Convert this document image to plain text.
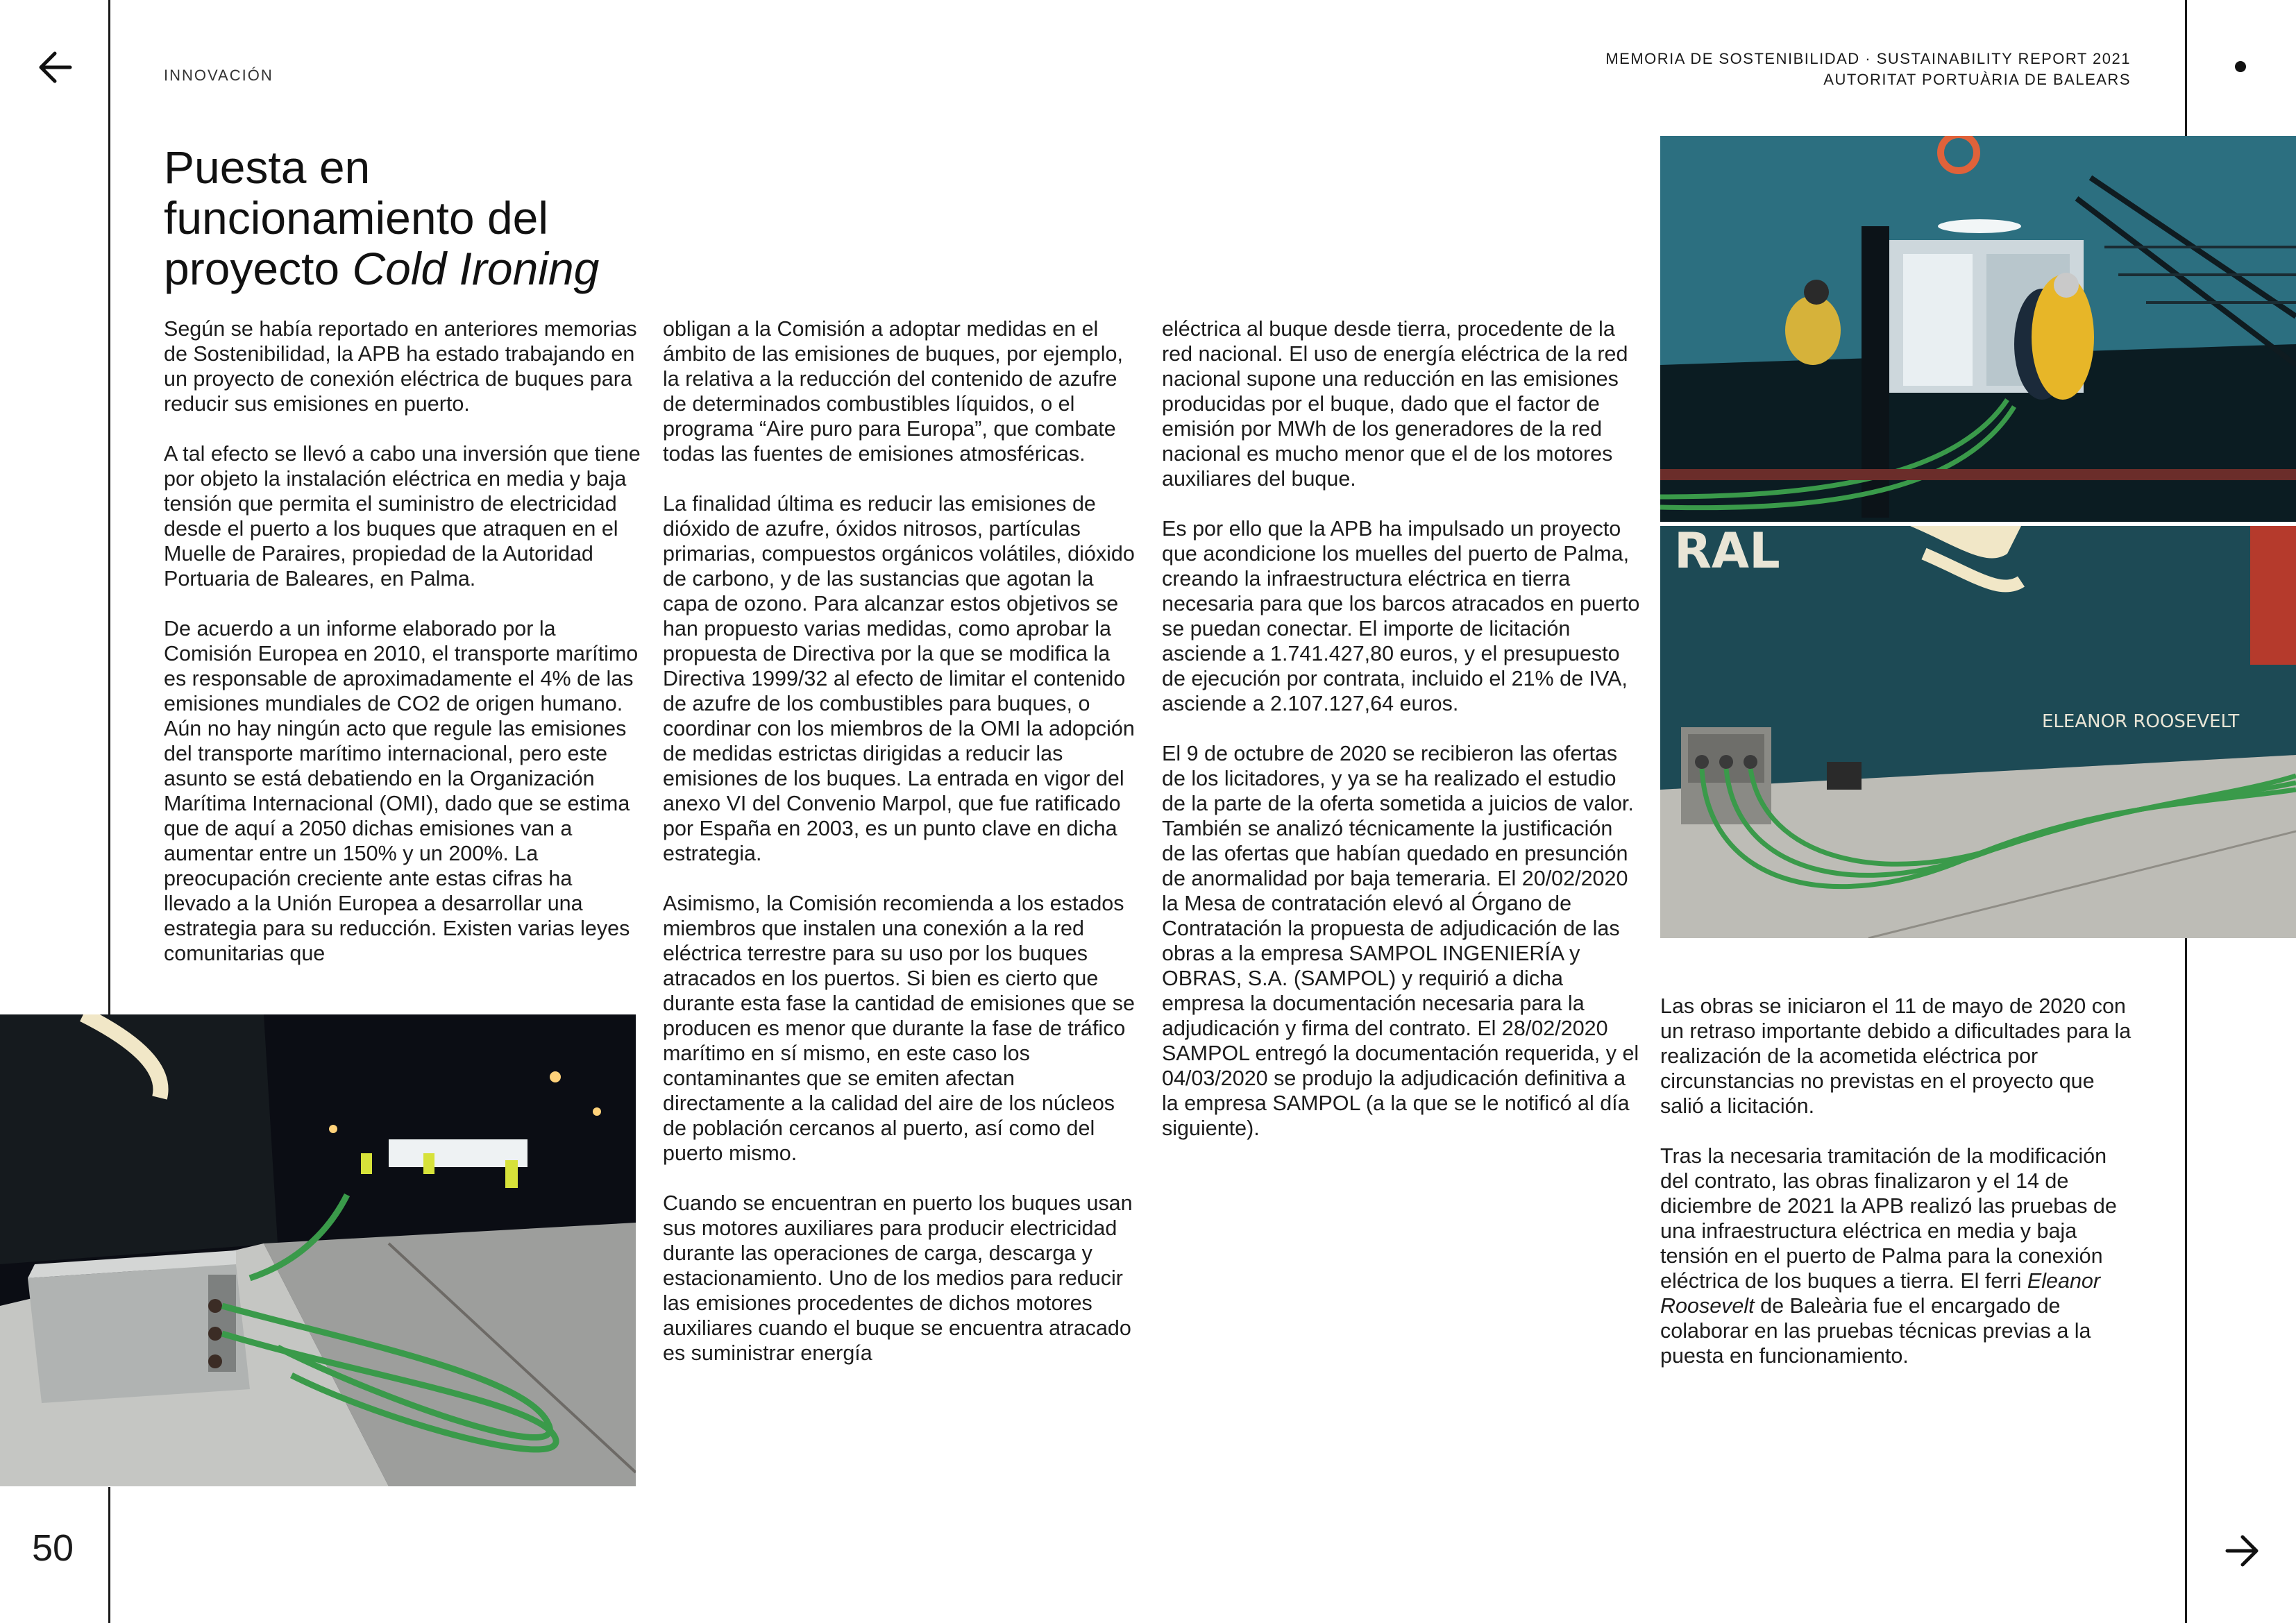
INNOVACIÓN
MEMORIA DE SOSTENIBILIDAD · SUSTAINABILITY REPORT 2021
AUTORITAT PORTUÀRIA DE BALEARS
50
Puesta en
funcionamiento del
proyecto Cold Ironing

Según se había reportado en anteriores memorias de Sostenibilidad, la APB ha estado trabajando en un proyecto de conexión eléctrica de buques para reducir sus emisiones en puerto.

A tal efecto se llevó a cabo una inversión que tiene por objeto la instalación eléctrica en media y baja tensión que permita el suministro de electricidad desde el puerto a los buques que atraquen en el Muelle de Paraires, propiedad de la Autoridad Portuaria de Baleares, en Palma.

De acuerdo a un informe elaborado por la Comisión Europea en 2010, el transporte marítimo es responsable de aproximadamente el 4% de las emisiones mundiales de CO2 de origen humano. Aún no hay ningún acto que regule las emisiones del transporte marítimo internacional, pero este asunto se está debatiendo en la Organización Marítima Internacional (OMI), dado que se estima que de aquí a 2050 dichas emisiones van a aumentar entre un 150% y un 200%. La preocupación creciente ante estas cifras ha llevado a la Unión Europea a desarrollar una estrategia para su reducción. Existen varias leyes comunitarias que

obligan a la Comisión a adoptar medidas en el ámbito de las emisiones de buques, por ejemplo, la relativa a la reducción del contenido de azufre de determinados combustibles líquidos, o el programa “Aire puro para Europa”, que combate todas las fuentes de emisiones atmosféricas.

La finalidad última es reducir las emisiones de dióxido de azufre, óxidos nitrosos, partículas primarias, compuestos orgánicos volátiles, dióxido de carbono, y de las sustancias que agotan la capa de ozono. Para alcanzar estos objetivos se han propuesto varias medidas, como aprobar la propuesta de Directiva por la que se modifica la Directiva 1999/32 al efecto de limitar el contenido de azufre de los combustibles para buques, o coordinar con los miembros de la OMI la adopción de medidas estrictas dirigidas a reducir las emisiones de los buques. La entrada en vigor del anexo VI del Convenio Marpol, que fue ratificado por España en 2003, es un punto clave en dicha estrategia.

Asimismo, la Comisión recomienda a los estados miembros que instalen una conexión a la red eléctrica terrestre para su uso por los buques atracados en los puertos. Si bien es cierto que durante esta fase la cantidad de emisiones que se producen es menor que durante la fase de tráfico marítimo en sí mismo, en este caso los contaminantes que se emiten afectan directamente a la calidad del aire de los núcleos de población cercanos al puerto, así como del puerto mismo.

Cuando se encuentran en puerto los buques usan sus motores auxiliares para producir electricidad durante las operaciones de carga, descarga y estacionamiento. Uno de los medios para reducir las emisiones procedentes de dichos motores auxiliares cuando el buque se encuentra atracado es suministrar energía

eléctrica al buque desde tierra, procedente de la red nacional. El uso de energía eléctrica de la red nacional supone una reducción en las emisiones producidas por el buque, dado que el factor de emisión por MWh de los generadores de la red nacional es mucho menor que el de los motores auxiliares del buque.

Es por ello que la APB ha impulsado un proyecto que acondicione los muelles del puerto de Palma, creando la infraestructura eléctrica en tierra necesaria para que los barcos atracados en puerto se puedan conectar. El importe de licitación asciende a 1.741.427,80 euros, y el presupuesto de ejecución por contrata, incluido el 21% de IVA, asciende a 2.107.127,64 euros.

El 9 de octubre de 2020 se recibieron las ofertas de los licitadores, y ya se ha realizado el estudio de la parte de la oferta sometida a juicios de valor. También se analizó técnicamente la justificación de las ofertas que habían quedado en presunción de anormalidad por baja temeraria. El 20/02/2020 la Mesa de contratación elevó al Órgano de Contratación la propuesta de adjudicación de las obras a la empresa SAMPOL INGENIERÍA y OBRAS, S.A. (SAMPOL) y requirió a dicha empresa la documentación necesaria para la adjudicación y firma del contrato. El 28/02/2020 SAMPOL entregó la documentación requerida, y el 04/03/2020 se produjo la adjudicación definitiva a la empresa SAMPOL (a la que se le notificó al día siguiente).

Las obras se iniciaron el 11 de mayo de 2020 con un retraso importante debido a dificultades para la realización de la acometida eléctrica por circunstancias no previstas en el proyecto que salió a licitación.

Tras la necesaria tramitación de la modificación del contrato, las obras finalizaron y el 14 de diciembre de 2021 la APB realizó las pruebas de una infraestructura eléctrica en media y baja tensión en el puerto de Palma para la conexión eléctrica de los buques a tierra. El ferri Eleanor Roosevelt de Baleària fue el encargado de colaborar en las pruebas técnicas previas a la puesta en funcionamiento.

RAL
ELEANOR ROOSEVELT
